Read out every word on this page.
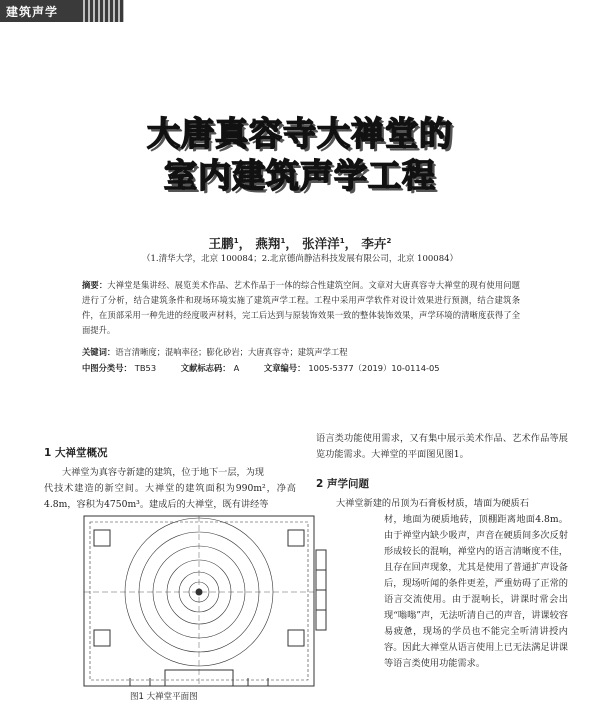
建筑声学
大唐真容寺大禅堂的
室内建筑声学工程
王鹏$^1$， 燕翔$^1$， 张洋洋$^1$， 李卉$^2$
（1.清华大学，北京 100084；2.北京德尚静洁科技发展有限公司，北京 100084）
摘要：大禅堂是集讲经、展览美术作品、艺术作品于一体的综合性建筑空间。文章对大唐真容寺大禅堂的现有使用问题进行了分析，结合建筑条件和现场环境实施了建筑声学工程。工程中采用声学软件对设计效果进行预测，结合建筑条件，在顶部采用一种先进的经度吸声材料，完工后达到与原装饰效果一致的整体装饰效果，声学环境的清晰度获得了全面提升。
关键词：语言清晰度；混响率径；膨化砂岩；大唐真容寺；建筑声学工程
中图分类号： TB53	文献标志码： A	文章编号： 1005-5377（2019）10-0114-05
1 大禅堂概况
大禅堂为真容寺新建的建筑，位于地下一层，为现
代技术建造的新空间。大禅堂的建筑面积为990m²，净高4.8m，容积为4750m³。建成后的大禅堂，既有讲经等
语言类功能使用需求，又有集中展示美术作品、艺术作品等展览功能需求。大禅堂的平面图见图1。
2 声学问题
大禅堂新建的吊顶为石膏板材质，墙面为硬质石
材，地面为硬质地砖，顶棚距离地面4.8m。由于禅堂内缺少吸声，声音在硬质间多次反射形成较长的混响，禅堂内的语言清晰度不佳，且存在回声现象，尤其是使用了普通扩声设备后，现场听闻的条件更差，严重妨碍了正常的语言交流使用。由于混响长，讲课时常会出现“嗡嗡”声，无法听清自己的声音，讲课较容易疲惫，现场的学员也不能完全听清讲授内容。因此大禅堂从语言使用上已无法满足讲课等语言类使用功能需求。
图1 大禅堂平面图
